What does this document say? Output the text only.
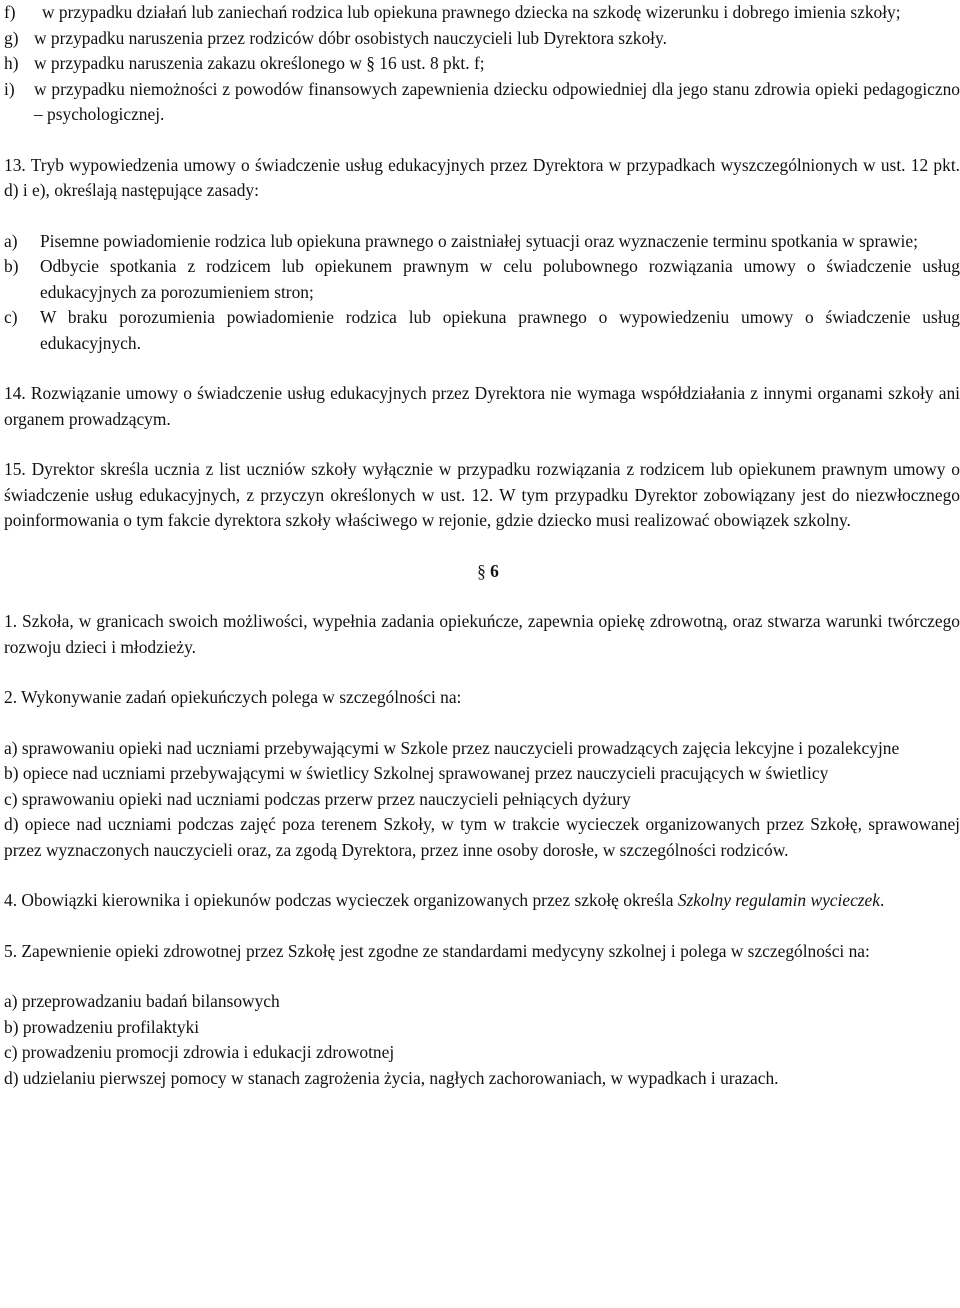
f)	w przypadku działań lub zaniechań rodzica lub opiekuna prawnego dziecka na szkodę wizerunku i dobrego imienia szkoły;
g) w przypadku naruszenia przez rodziców dóbr osobistych nauczycieli lub Dyrektora szkoły.
h) w przypadku naruszenia zakazu określonego w § 16 ust. 8 pkt. f;
i)	w przypadku niemożności z powodów finansowych zapewnienia dziecku odpowiedniej dla jego stanu zdrowia opieki pedagogiczno – psychologicznej.

13. Tryb wypowiedzenia umowy o świadczenie usług edukacyjnych przez Dyrektora w przypadkach wyszczególnionych w ust. 12 pkt. d) i e), określają następujące zasady:

a)	Pisemne powiadomienie rodzica lub opiekuna prawnego o zaistniałej sytuacji oraz wyznaczenie terminu spotkania w sprawie;
b)	Odbycie spotkania z rodzicem lub opiekunem prawnym w celu polubownego rozwiązania umowy o świadczenie usług edukacyjnych za porozumieniem stron;
c)	W braku porozumienia powiadomienie rodzica lub opiekuna prawnego o wypowiedzeniu umowy o świadczenie usług edukacyjnych.

14. Rozwiązanie umowy o świadczenie usług edukacyjnych przez Dyrektora nie wymaga współdziałania z innymi organami szkoły ani organem prowadzącym.

15. Dyrektor skreśla ucznia z list uczniów szkoły wyłącznie w przypadku rozwiązania z rodzicem lub opiekunem prawnym umowy o świadczenie usług edukacyjnych, z przyczyn określonych w ust. 12. W tym przypadku Dyrektor zobowiązany jest do niezwłocznego poinformowania o tym fakcie dyrektora szkoły właściwego w rejonie, gdzie dziecko musi realizować obowiązek szkolny.

§ 6

1. Szkoła, w granicach swoich możliwości, wypełnia zadania opiekuńcze, zapewnia opiekę zdrowotną, oraz stwarza warunki twórczego rozwoju dzieci i młodzieży.

2. Wykonywanie zadań opiekuńczych polega w szczególności na:

a) sprawowaniu opieki nad uczniami przebywającymi w Szkole przez nauczycieli prowadzących zajęcia lekcyjne i pozalekcyjne

b) opiece nad uczniami przebywającymi w świetlicy Szkolnej sprawowanej przez nauczycieli pracujących w świetlicy

c) sprawowaniu opieki nad uczniami podczas przerw przez nauczycieli pełniących dyżury

d) opiece nad uczniami podczas zajęć poza terenem Szkoły, w tym w trakcie wycieczek organizowanych przez Szkołę, sprawowanej przez wyznaczonych nauczycieli oraz, za zgodą Dyrektora, przez inne osoby dorosłe, w szczególności rodziców.

4. Obowiązki kierownika i opiekunów podczas wycieczek organizowanych przez szkołę określa Szkolny regulamin wycieczek.

5. Zapewnienie opieki zdrowotnej przez Szkołę jest zgodne ze standardami medycyny szkolnej i polega w szczególności na:

a) przeprowadzaniu badań bilansowych

b) prowadzeniu profilaktyki

c) prowadzeniu promocji zdrowia i edukacji zdrowotnej

d) udzielaniu pierwszej pomocy w stanach zagrożenia życia, nagłych zachorowaniach, w wypadkach i urazach.
